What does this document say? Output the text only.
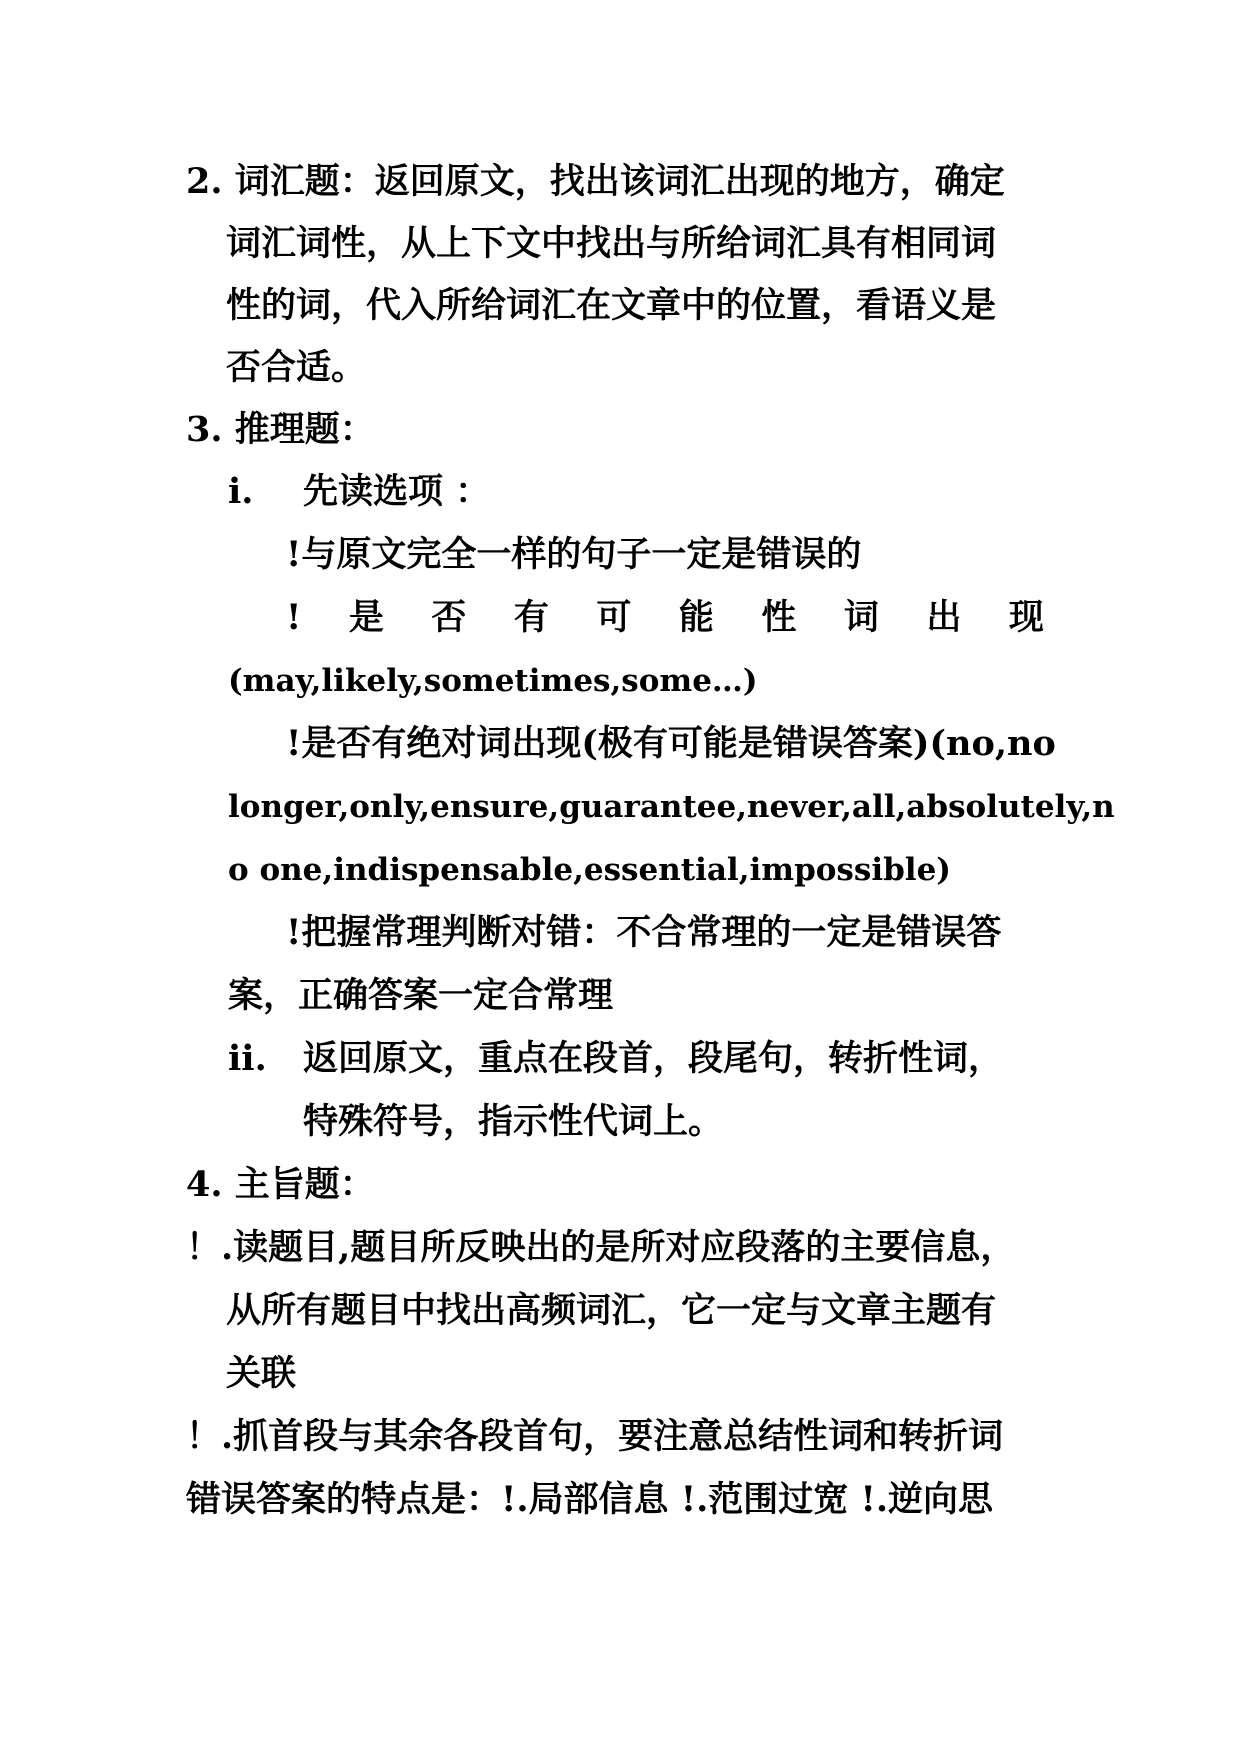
2. 词汇题：返回原文，找出该词汇出现的地方，确定
词汇词性，从上下文中找出与所给词汇具有相同词
性的词，代入所给词汇在文章中的位置，看语义是
否合适。
3. 推理题：
i. 先读选项 ：
!与原文完全一样的句子一定是错误的
! 是 否 有 可 能 性 词 出 现
(may,likely,sometimes,some…)
!是否有绝对词出现(极有可能是错误答案)(no,no
longer,only,ensure,guarantee,never,all,absolutely,n
o one,indispensable,essential,impossible)
!把握常理判断对错：不合常理的一定是错误答
案，正确答案一定合常理
ii. 返回原文，重点在段首，段尾句，转折性词，
特殊符号，指示性代词上。
4. 主旨题：
！.读题目,题目所反映出的是所对应段落的主要信息，
从所有题目中找出高频词汇，它一定与文章主题有
关联
！.抓首段与其余各段首句，要注意总结性词和转折词
错误答案的特点是：!.局部信息 !.范围过宽 !.逆向思
